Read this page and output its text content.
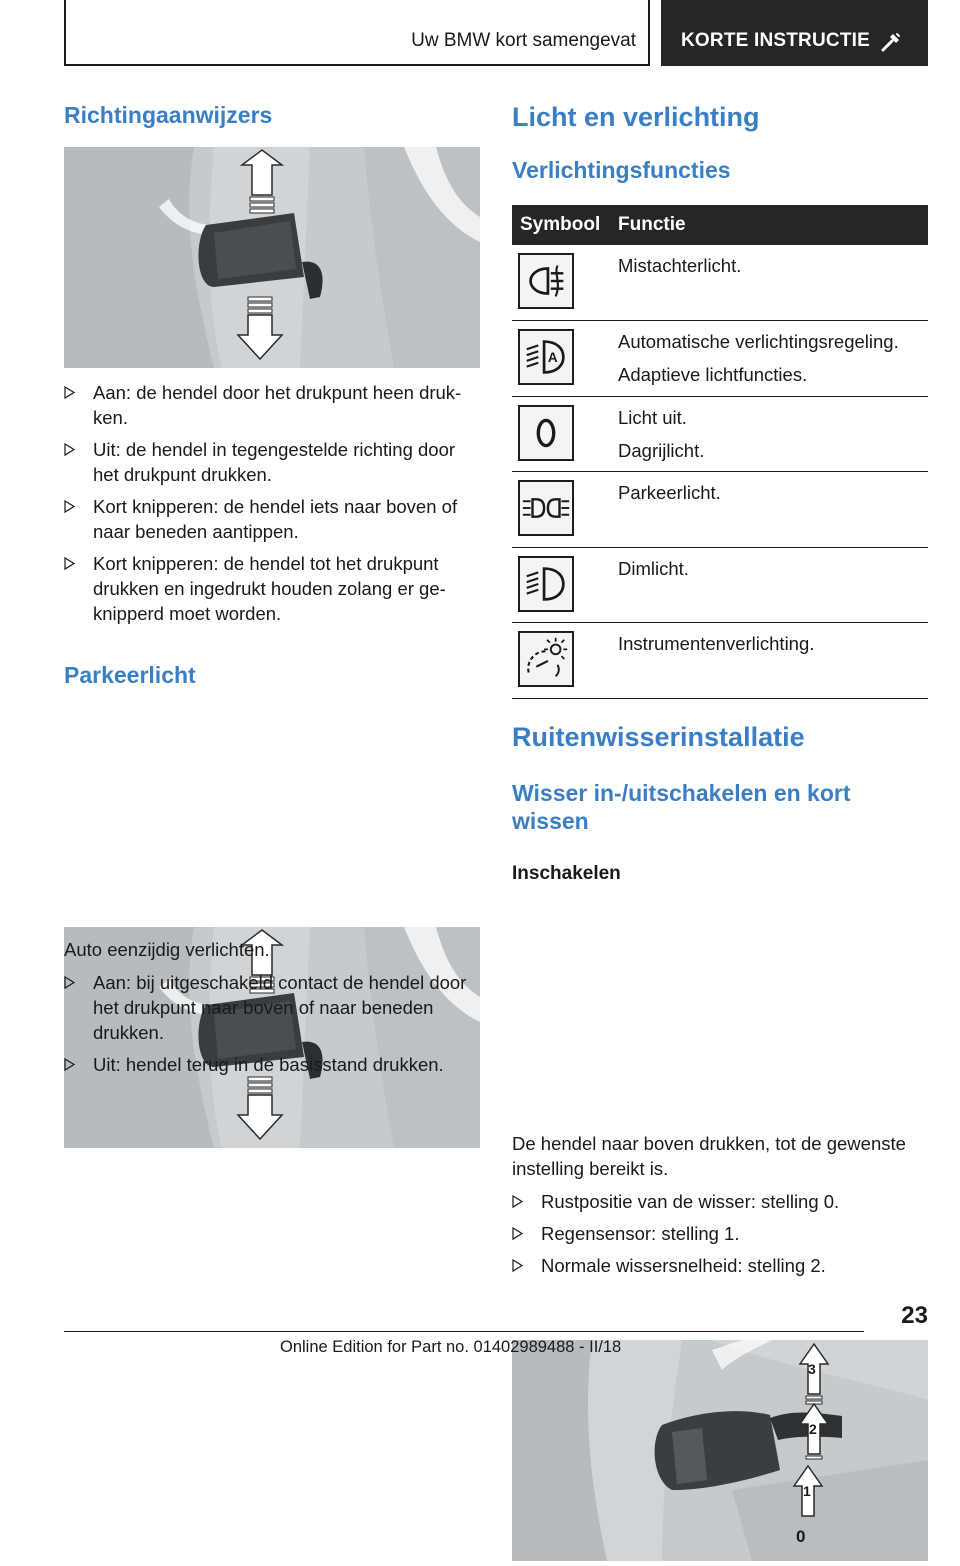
Uw BMW kort samengevat KORTE INSTRUCTIE
Richtingaanwijzers
Aan: de hendel door het drukpunt heen druk-ken.
Uit: de hendel in tegengestelde richting door het drukpunt drukken.
Kort knipperen: de hendel iets naar boven of naar beneden aantippen.
Kort knipperen: de hendel tot het drukpunt drukken en ingedrukt houden zolang er ge-knipperd moet worden.
Parkeerlicht

Auto eenzijdig verlichten.

Aan: bij uitgeschakeld contact de hendel door het drukpunt naar boven of naar beneden drukken.
Uit: hendel terug in de basisstand drukken.
Licht en verlichting
Verlichtingsfuncties
Symbool	Functie

Mistachterlicht.

A	Automatische verlichtingsregeling.
Adaptieve lichtfuncties.

Licht uit.
Dagrijlicht.

Parkeerlicht.

Dimlicht.

Instrumentenverlichting.
Ruitenwisserinstallatie
Wisser in-/uitschakelen en kort
wissen
Inschakelen
3
2
1
0

De hendel naar boven drukken, tot de gewenste instelling bereikt is.

Rustpositie van de wisser: stelling 0.
Regensensor: stelling 1.
Normale wissersnelheid: stelling 2.
23
Online Edition for Part no. 01402989488 - II/18
